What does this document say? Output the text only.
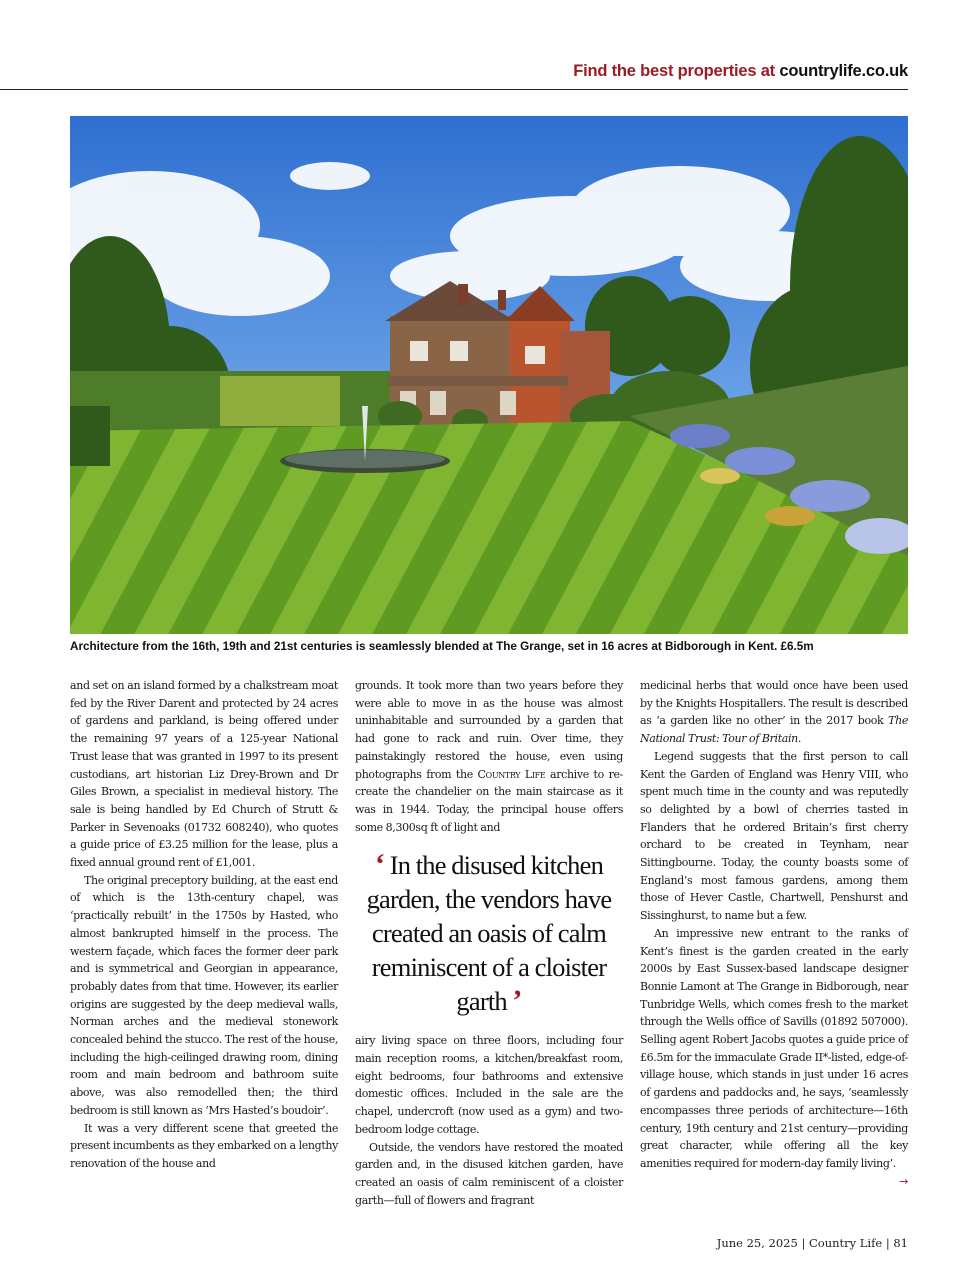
Find the best properties at countrylife.co.uk
Architecture from the 16th, 19th and 21st centuries is seamlessly blended at The Grange, set in 16 acres at Bidborough in Kent. £6.5m

and set on an island formed by a chalkstream moat fed by the River Darent and protected by 24 acres of gardens and parkland, is being offered under the remaining 97 years of a 125-year National Trust lease that was granted in 1997 to its present custodians, art historian Liz Drey-Brown and Dr Giles Brown, a specialist in medieval history. The sale is being handled by Ed Church of Strutt & Parker in Sevenoaks (01732 608240), who quotes a guide price of £3.25 million for the lease, plus a fixed annual ground rent of £1,001.

The original preceptory building, at the east end of which is the 13th-century chapel, was ‘practically rebuilt’ in the 1750s by Hasted, who almost bankrupted himself in the process. The western façade, which faces the former deer park and is symmetrical and Georgian in appearance, probably dates from that time. However, its earlier origins are suggested by the deep medieval walls, Norman arches and the medieval stonework concealed behind the stucco. The rest of the house, including the high-ceilinged drawing room, dining room and main bedroom and bathroom suite above, was also remodelled then; the third bedroom is still known as ‘Mrs Hasted’s boudoir’.

It was a very different scene that greeted the present incumbents as they embarked on a lengthy renovation of the house and

grounds. It took more than two years before they were able to move in as the house was almost uninhabitable and surrounded by a garden that had gone to rack and ruin. Over time, they painstakingly restored the house, even using photographs from the Country Life archive to re-create the chandelier on the main staircase as it was in 1944. Today, the principal house offers some 8,300sq ft of light and

‘ In the disused kitchen garden, the vendors have created an oasis of calm reminiscent of a cloister garth ’

airy living space on three floors, including four main reception rooms, a kitchen/breakfast room, eight bedrooms, four bathrooms and extensive domestic offices. Included in the sale are the chapel, undercroft (now used as a gym) and two-bedroom lodge cottage.

Outside, the vendors have restored the moated garden and, in the disused kitchen garden, have created an oasis of calm reminiscent of a cloister garth—full of flowers and fragrant

medicinal herbs that would once have been used by the Knights Hospitallers. The result is described as ‘a garden like no other’ in the 2017 book The National Trust: Tour of Britain.

Legend suggests that the first person to call Kent the Garden of England was Henry VIII, who spent much time in the county and was reputedly so delighted by a bowl of cherries tasted in Flanders that he ordered Britain’s first cherry orchard to be created in Teynham, near Sittingbourne. Today, the county boasts some of England’s most famous gardens, among them those of Hever Castle, Chartwell, Penshurst and Sissinghurst, to name but a few.

An impressive new entrant to the ranks of Kent’s finest is the garden created in the early 2000s by East Sussex-based landscape designer Bonnie Lamont at The Grange in Bidborough, near Tunbridge Wells, which comes fresh to the market through the Wells office of Savills (01892 507000). Selling agent Robert Jacobs quotes a guide price of £6.5m for the immaculate Grade II*-listed, edge-of-village house, which stands in just under 16 acres of gardens and paddocks and, he says, ‘seamlessly encompasses three periods of architecture—16th century, 19th century and 21st century—providing great character, while offering all the key amenities required for modern-day family living’.
→

June 25, 2025 | Country Life | 81
